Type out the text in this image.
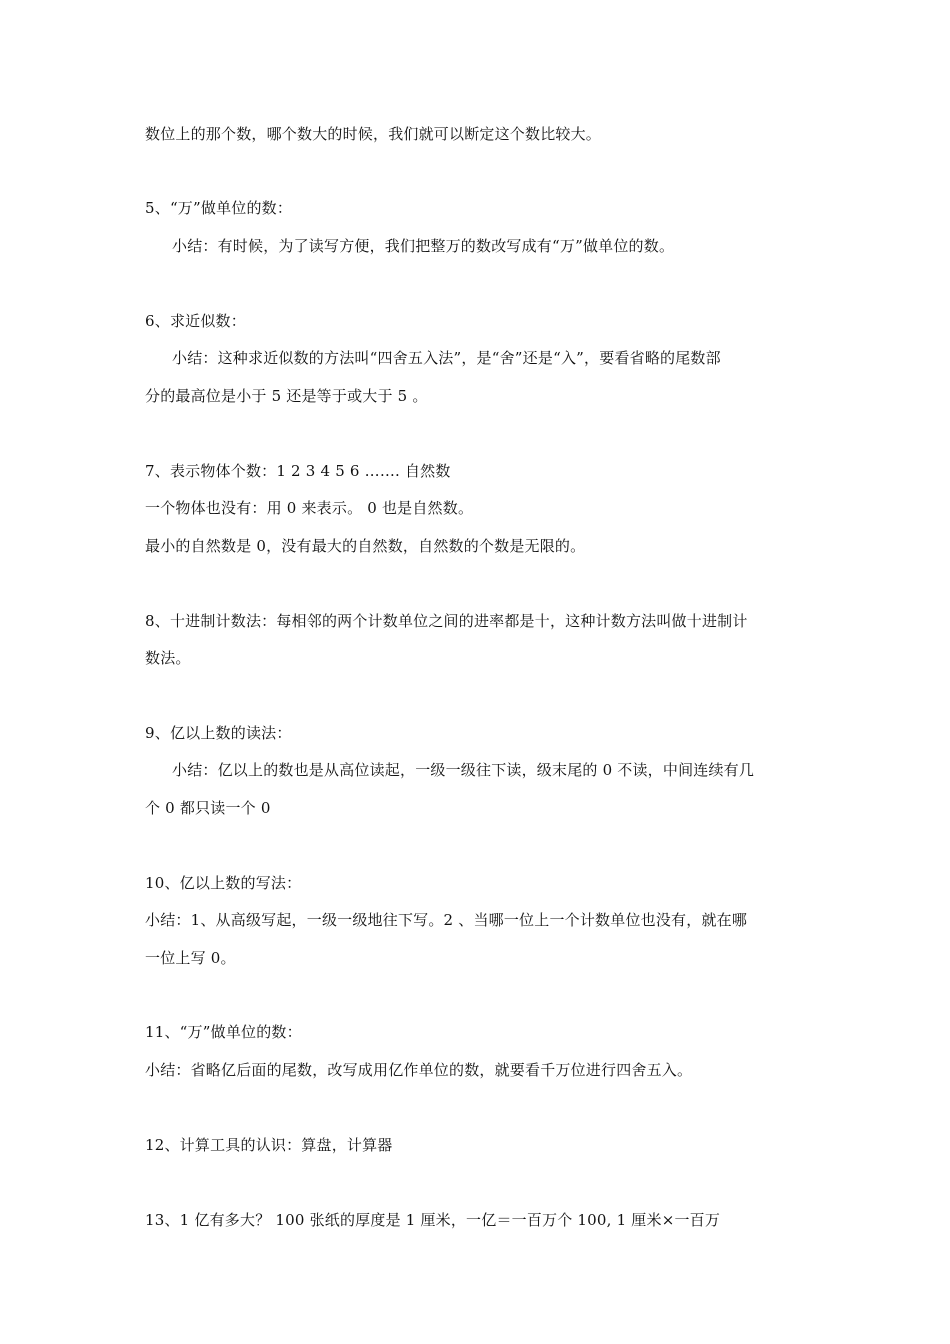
数位上的那个数，哪个数大的时候，我们就可以断定这个数比较大。
5、“万”做单位的数：
小结：有时候，为了读写方便，我们把整万的数改写成有“万”做单位的数。
6、求近似数：
小结：这种求近似数的方法叫“四舍五入法”，是“舍”还是“入”，要看省略的尾数部
分的最高位是小于 5 还是等于或大于 5 。
7、表示物体个数：1 2 3 4 5 6 ……. 自然数
一个物体也没有：用 0 来表示。 0 也是自然数。
最小的自然数是 0，没有最大的自然数，自然数的个数是无限的。
8、十进制计数法：每相邻的两个计数单位之间的进率都是十，这种计数方法叫做十进制计
数法。
9、亿以上数的读法：
小结：亿以上的数也是从高位读起，一级一级往下读，级末尾的 0 不读，中间连续有几
个 0 都只读一个 0
10、亿以上数的写法：
小结：1、从高级写起，一级一级地往下写。2 、当哪一位上一个计数单位也没有，就在哪
一位上写 0。
11、“万”做单位的数：
小结：省略亿后面的尾数，改写成用亿作单位的数，就要看千万位进行四舍五入。
12、计算工具的认识：算盘，计算器
13、1 亿有多大？ 100 张纸的厚度是 1 厘米，一亿＝一百万个 100, 1 厘米×一百万
